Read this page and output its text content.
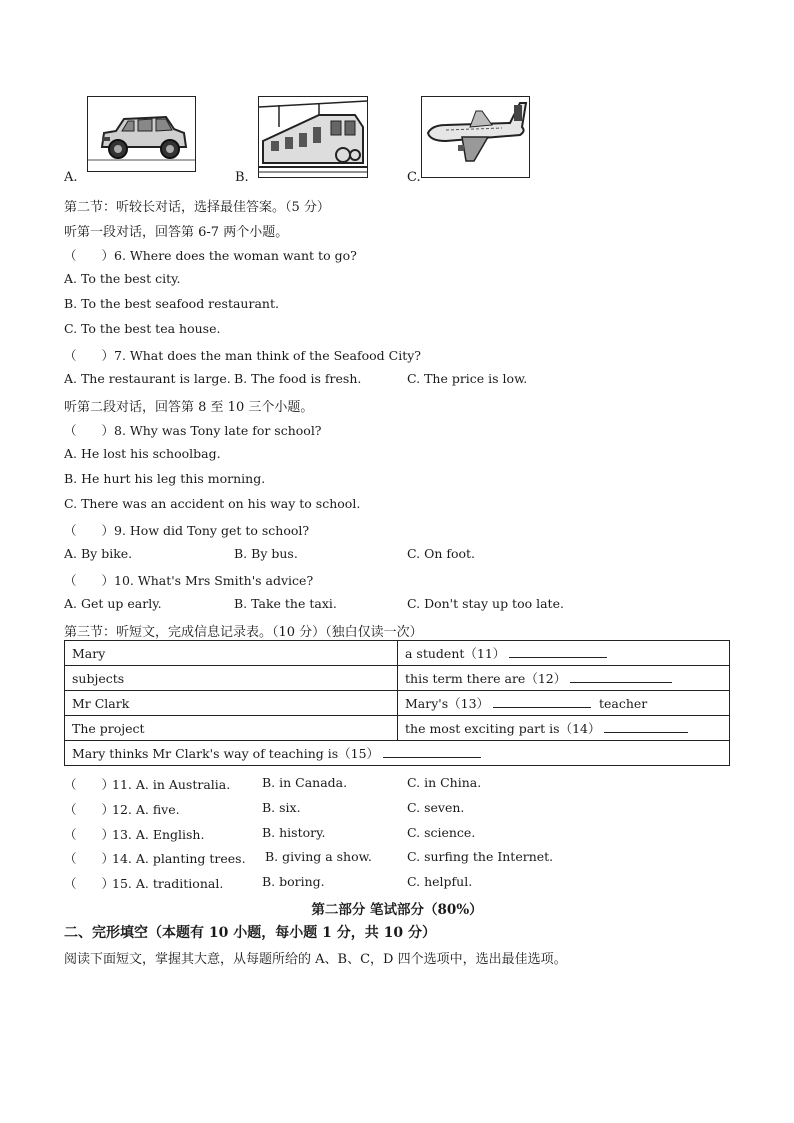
A.	B.	C.
第二节：听较长对话，选择最佳答案。（5 分）
听第一段对话，回答第 6-7 两个小题。
（　　）6. Where does the woman want to go?
A. To the best city.
B. To the best seafood restaurant.
C. To the best tea house.
（　　）7. What does the man think of the Seafood City?
A. The restaurant is large. B. The food is fresh.	C. The price is low.
听第二段对话，回答第 8 至 10 三个小题。
（　　）8. Why was Tony late for school?
A. He lost his schoolbag.
B. He hurt his leg this morning.
C. There was an accident on his way to school.
（　　）9. How did Tony get to school?
A. By bike.	B. By bus.	C. On foot.
（　　）10. What's Mrs Smith's advice?
A. Get up early.	B. Take the taxi.	C. Don't stay up too late.
第三节：听短文，完成信息记录表。（10 分）（独白仅读一次）
Mary	a student（11）
subjects	this term there are（12）
Mr Clark	Mary's（13） teacher
The project	the most exciting part is（14）
Mary thinks Mr Clark's way of teaching is（15）	
（　　）11. A. in Australia.	B. in Canada.	C. in China.
（　　）12. A. five.	B. six.	C. seven.
（　　）13. A. English.	B. history.	C. science.
（　　）14. A. planting trees. B. giving a show.	C. surfing the Internet.
（　　）15. A. traditional.	B. boring.	C. helpful.
第二部分 笔试部分（80%）
二、完形填空（本题有 10 小题，每小题 1 分，共 10 分）
阅读下面短文，掌握其大意，从每题所给的 A、B、C，D 四个选项中，选出最佳选项。
